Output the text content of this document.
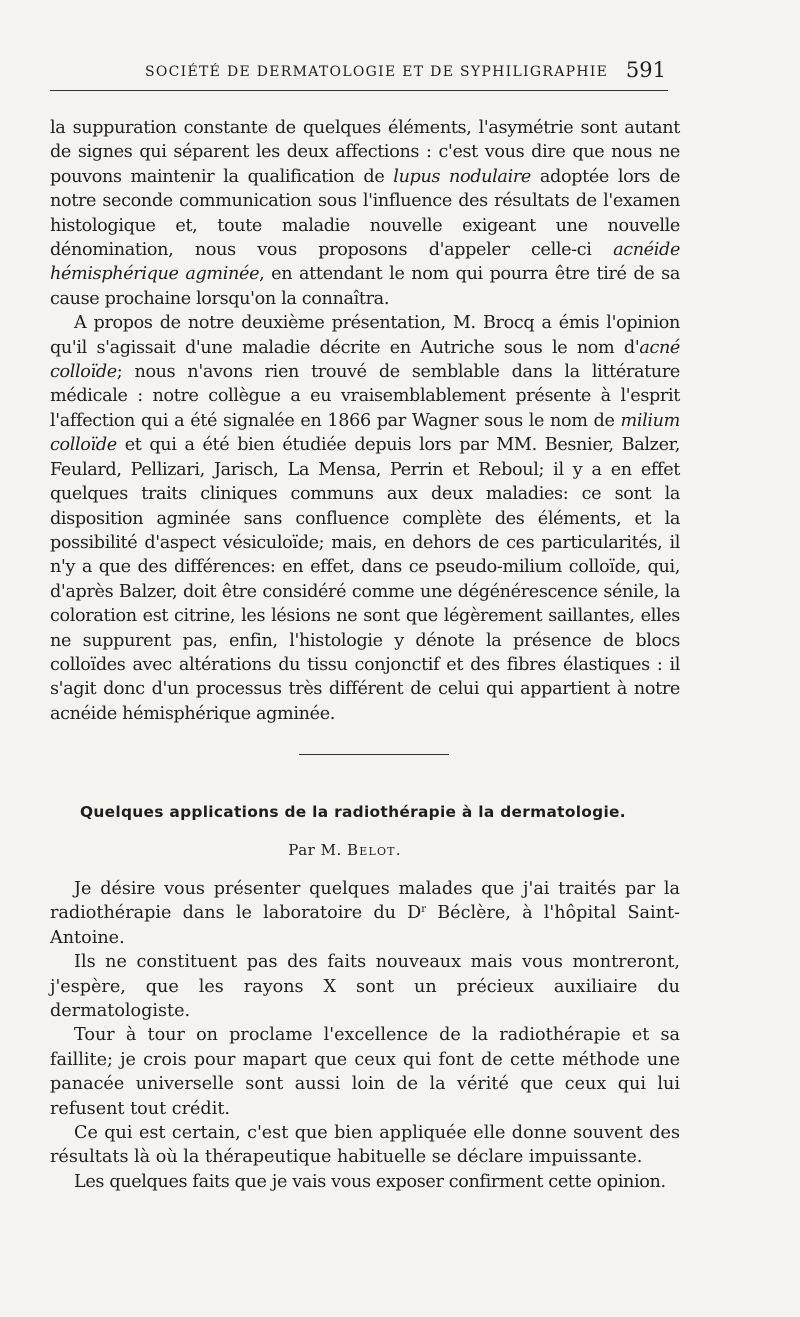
SOCIÉTÉ DE DERMATOLOGIE ET DE SYPHILIGRAPHIE 591

la suppuration constante de quelques éléments, l'asymétrie sont autant de signes qui séparent les deux affections : c'est vous dire que nous ne pouvons maintenir la qualification de lupus nodulaire adoptée lors de notre seconde communication sous l'influence des résultats de l'examen histologique et, toute maladie nouvelle exigeant une nouvelle dénomination, nous vous proposons d'appeler celle-ci acnéide hémisphérique agminée, en attendant le nom qui pourra être tiré de sa cause prochaine lorsqu'on la connaîtra.

A propos de notre deuxième présentation, M. Brocq a émis l'opinion qu'il s'agissait d'une maladie décrite en Autriche sous le nom d'acné colloïde; nous n'avons rien trouvé de semblable dans la littérature médicale : notre collègue a eu vraisemblablement présente à l'esprit l'affection qui a été signalée en 1866 par Wagner sous le nom de milium colloïde et qui a été bien étudiée depuis lors par MM. Besnier, Balzer, Feulard, Pellizari, Jarisch, La Mensa, Perrin et Reboul; il y a en effet quelques traits cliniques communs aux deux maladies: ce sont la disposition agminée sans confluence complète des éléments, et la possibilité d'aspect vésiculoïde; mais, en dehors de ces particularités, il n'y a que des différences: en effet, dans ce pseudo-milium colloïde, qui, d'après Balzer, doit être considéré comme une dégénérescence sénile, la coloration est citrine, les lésions ne sont que légèrement saillantes, elles ne suppurent pas, enfin, l'histologie y dénote la présence de blocs colloïdes avec altérations du tissu conjonctif et des fibres élastiques : il s'agit donc d'un processus très différent de celui qui appartient à notre acnéide hémisphérique agminée.

Quelques applications de la radiothérapie à la dermatologie.
Par M. Belot.

Je désire vous présenter quelques malades que j'ai traités par la radiothérapie dans le laboratoire du $D^r$ Béclère, à l'hôpital Saint-Antoine.

Ils ne constituent pas des faits nouveaux mais vous montreront, j'espère, que les rayons X sont un précieux auxiliaire du dermatologiste.

Tour à tour on proclame l'excellence de la radiothérapie et sa faillite; je crois pour mapart que ceux qui font de cette méthode une panacée universelle sont aussi loin de la vérité que ceux qui lui refusent tout crédit.

Ce qui est certain, c'est que bien appliquée elle donne souvent des résultats là où la thérapeutique habituelle se déclare impuissante.

Les quelques faits que je vais vous exposer confirment cette opinion.
